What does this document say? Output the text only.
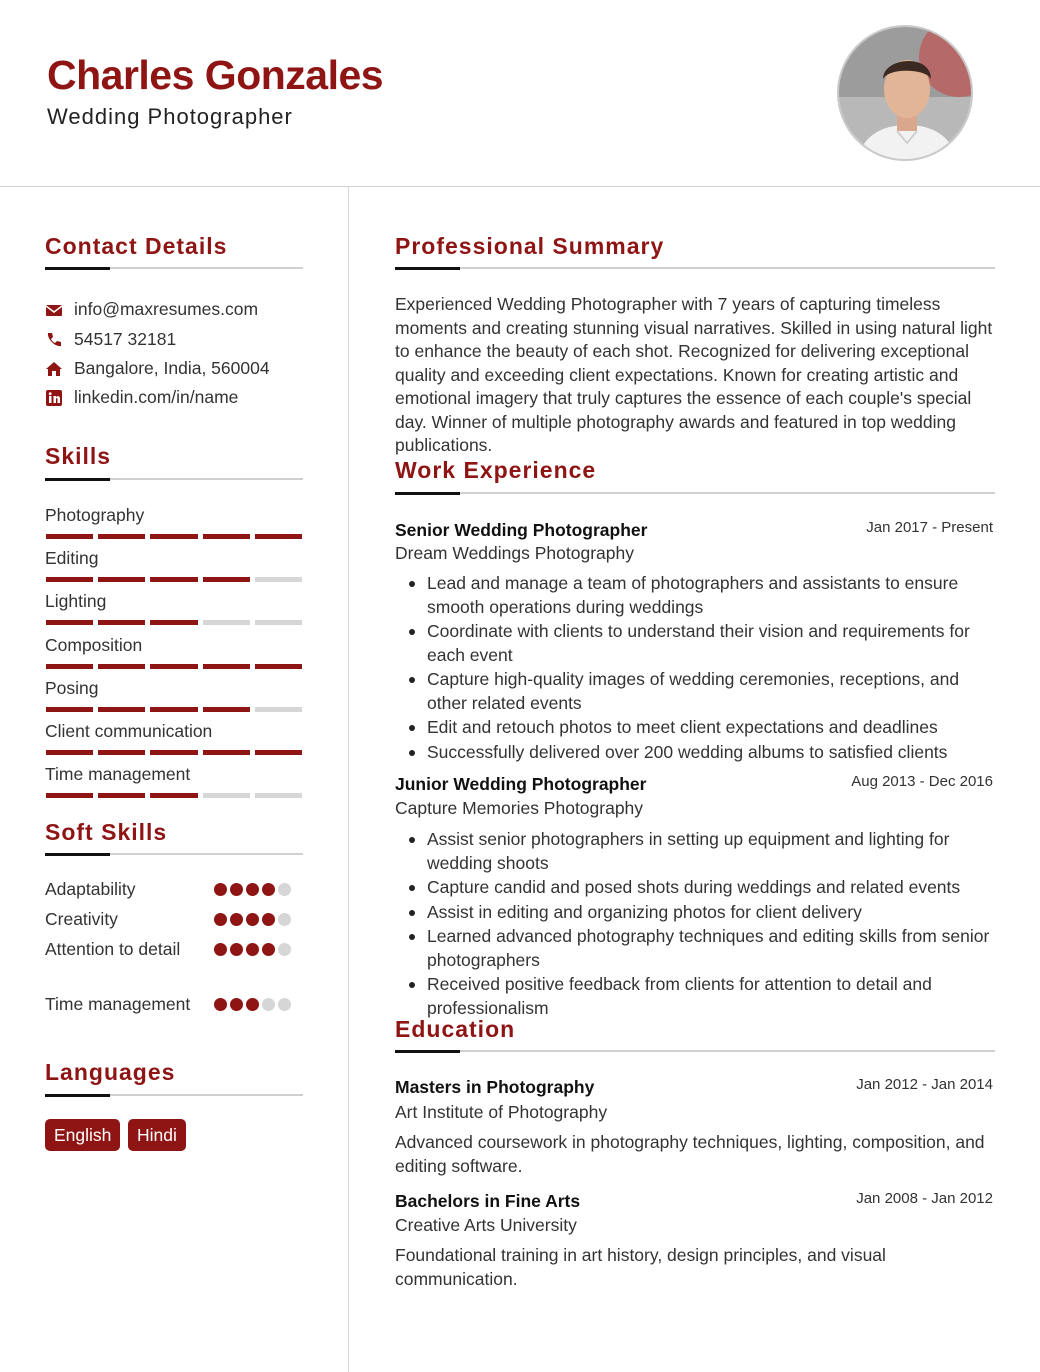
Charles Gonzales
Wedding Photographer
Contact Details
info@maxresumes.com
54517 32181
Bangalore, India, 560004
linkedin.com/in/name
Skills
Photography
Editing
Lighting
Composition
Posing
Client communication
Time management
Soft Skills
Adaptability
Creativity
Attention to detail
Time management
Languages
English	Hindi
Professional Summary
Experienced Wedding Photographer with 7 years of capturing timeless moments and creating stunning visual narratives. Skilled in using natural light to enhance the beauty of each shot. Recognized for delivering exceptional quality and exceeding client expectations. Known for creating artistic and emotional imagery that truly captures the essence of each couple's special day. Winner of multiple photography awards and featured in top wedding publications.
Work Experience
Senior Wedding Photographer	Jan 2017 - Present
Dream Weddings Photography
Lead and manage a team of photographers and assistants to ensure smooth operations during weddings
Coordinate with clients to understand their vision and requirements for each event
Capture high-quality images of wedding ceremonies, receptions, and other related events
Edit and retouch photos to meet client expectations and deadlines
Successfully delivered over 200 wedding albums to satisfied clients
Junior Wedding Photographer	Aug 2013 - Dec 2016
Capture Memories Photography
Assist senior photographers in setting up equipment and lighting for wedding shoots
Capture candid and posed shots during weddings and related events
Assist in editing and organizing photos for client delivery
Learned advanced photography techniques and editing skills from senior photographers
Received positive feedback from clients for attention to detail and professionalism
Education
Masters in Photography	Jan 2012 - Jan 2014
Art Institute of Photography
Advanced coursework in photography techniques, lighting, composition, and editing software.
Bachelors in Fine Arts	Jan 2008 - Jan 2012
Creative Arts University
Foundational training in art history, design principles, and visual communication.
